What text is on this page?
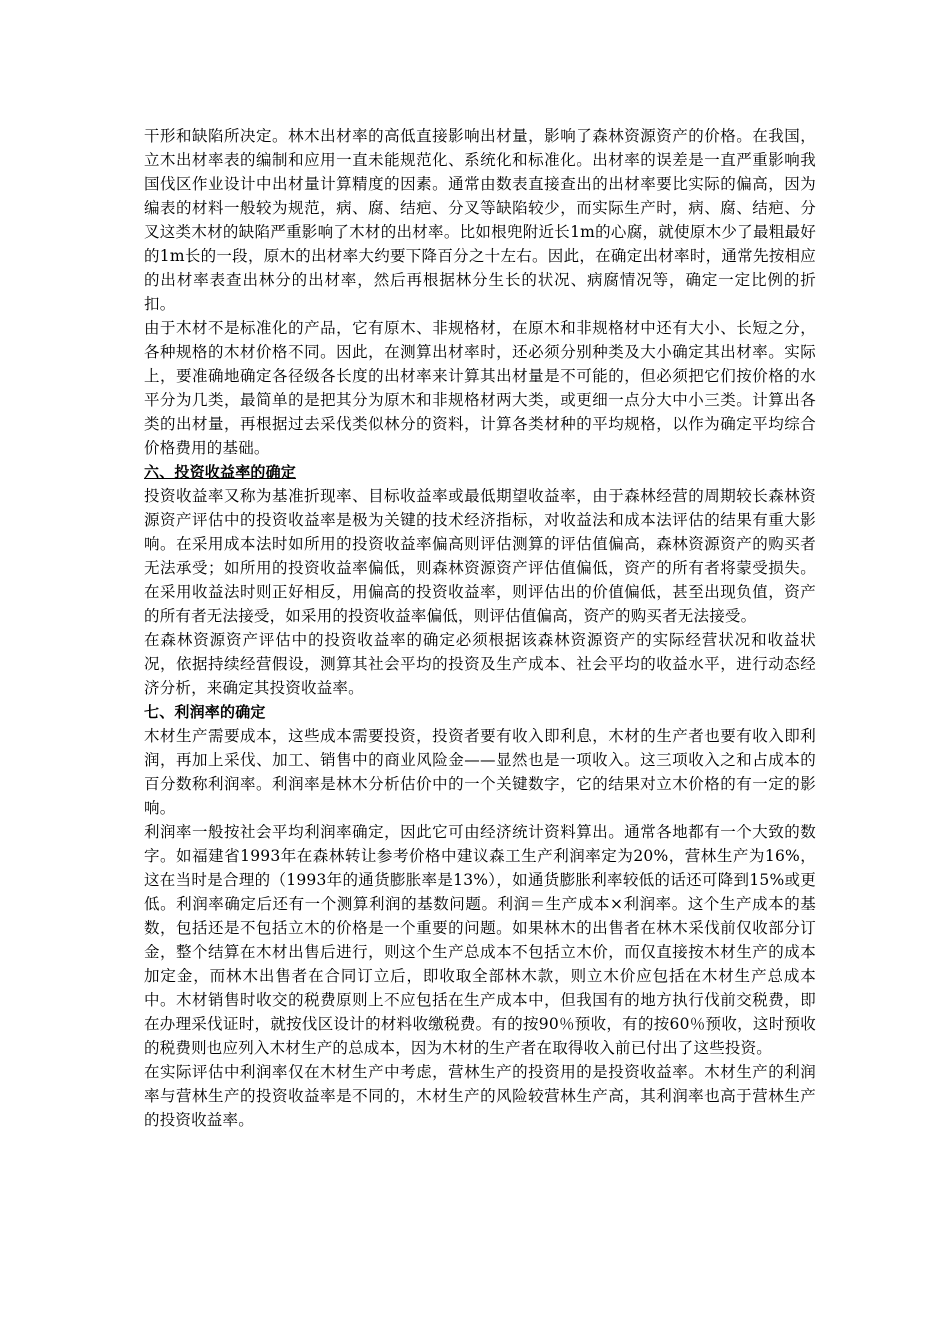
干形和缺陷所决定。林木出材率的高低直接影响出材量，影响了森林资源资产的价格。在我国，立木出材率表的编制和应用一直未能规范化、系统化和标准化。出材率的误差是一直严重影响我国伐区作业设计中出材量计算精度的因素。通常由数表直接查出的出材率要比实际的偏高，因为编表的材料一般较为规范，病、腐、结疤、分叉等缺陷较少，而实际生产时，病、腐、结疤、分叉这类木材的缺陷严重影响了木材的出材率。比如根兜附近长1m的心腐，就使原木少了最粗最好的1m长的一段，原木的出材率大约要下降百分之十左右。因此，在确定出材率时，通常先按相应的出材率表查出林分的出材率，然后再根据林分生长的状况、病腐情况等，确定一定比例的折扣。

由于木材不是标准化的产品，它有原木、非规格材，在原木和非规格材中还有大小、长短之分，各种规格的木材价格不同。因此，在测算出材率时，还必须分别种类及大小确定其出材率。实际上，要准确地确定各径级各长度的出材率来计算其出材量是不可能的，但必须把它们按价格的水平分为几类，最简单的是把其分为原木和非规格材两大类，或更细一点分大中小三类。计算出各类的出材量，再根据过去采伐类似林分的资料，计算各类材种的平均规格，以作为确定平均综合价格费用的基础。

六、投资收益率的确定

投资收益率又称为基准折现率、目标收益率或最低期望收益率，由于森林经营的周期较长森林资源资产评估中的投资收益率是极为关键的技术经济指标，对收益法和成本法评估的结果有重大影响。在采用成本法时如所用的投资收益率偏高则评估测算的评估值偏高，森林资源资产的购买者无法承受；如所用的投资收益率偏低，则森林资源资产评估值偏低，资产的所有者将蒙受损失。在采用收益法时则正好相反，用偏高的投资收益率，则评估出的价值偏低，甚至出现负值，资产的所有者无法接受，如采用的投资收益率偏低，则评估值偏高，资产的购买者无法接受。

在森林资源资产评估中的投资收益率的确定必须根据该森林资源资产的实际经营状况和收益状况，依据持续经营假设，测算其社会平均的投资及生产成本、社会平均的收益水平，进行动态经济分析，来确定其投资收益率。

七、利润率的确定

木材生产需要成本，这些成本需要投资，投资者要有收入即利息，木材的生产者也要有收入即利润，再加上采伐、加工、销售中的商业风险金——显然也是一项收入。这三项收入之和占成本的百分数称利润率。利润率是林木分析估价中的一个关键数字，它的结果对立木价格的有一定的影响。

利润率一般按社会平均利润率确定，因此它可由经济统计资料算出。通常各地都有一个大致的数字。如福建省1993年在森林转让参考价格中建议森工生产利润率定为20%，营林生产为16%，这在当时是合理的（1993年的通货膨胀率是13%），如通货膨胀利率较低的话还可降到15%或更低。利润率确定后还有一个测算利润的基数问题。利润＝生产成本×利润率。这个生产成本的基数，包括还是不包括立木的价格是一个重要的问题。如果林木的出售者在林木采伐前仅收部分订金，整个结算在木材出售后进行，则这个生产总成本不包括立木价，而仅直接按木材生产的成本加定金，而林木出售者在合同订立后，即收取全部林木款，则立木价应包括在木材生产总成本中。木材销售时收交的税费原则上不应包括在生产成本中，但我国有的地方执行伐前交税费，即在办理采伐证时，就按伐区设计的材料收缴税费。有的按90％预收，有的按60％预收，这时预收的税费则也应列入木材生产的总成本，因为木材的生产者在取得收入前已付出了这些投资。

在实际评估中利润率仅在木材生产中考虑，营林生产的投资用的是投资收益率。木材生产的利润率与营林生产的投资收益率是不同的，木材生产的风险较营林生产高，其利润率也高于营林生产的投资收益率。
